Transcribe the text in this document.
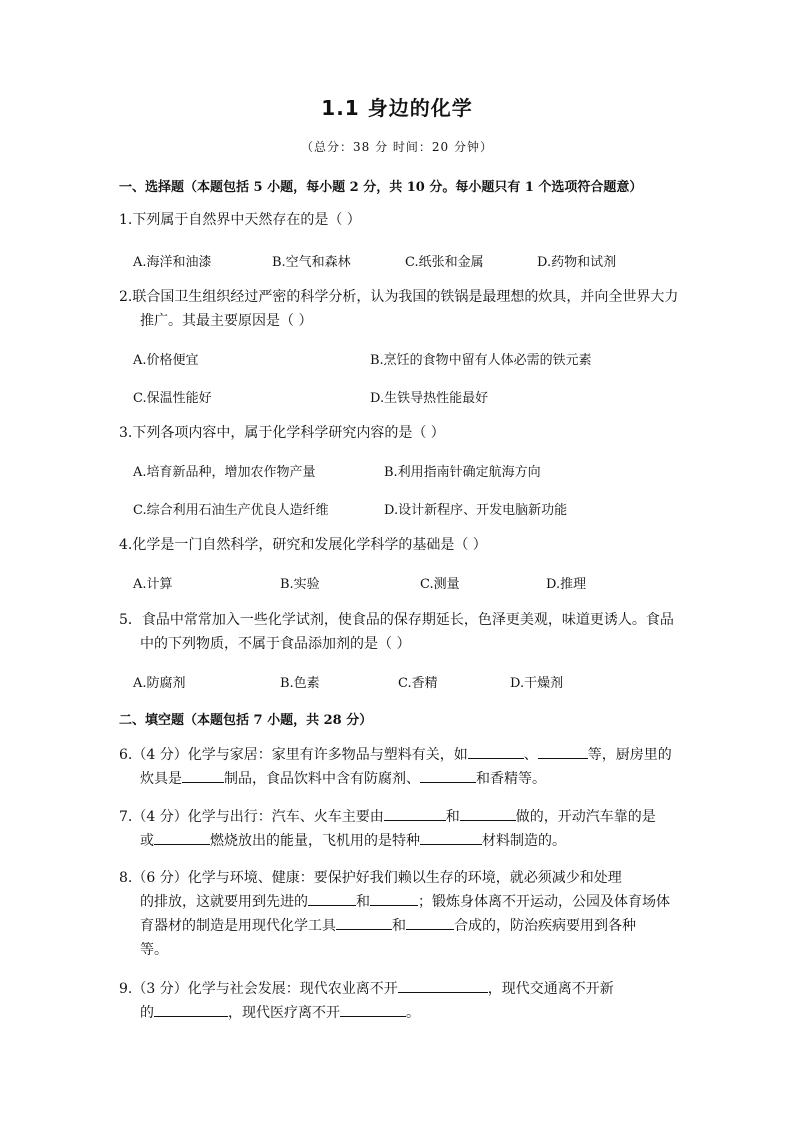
1.1 身边的化学
（总分：38 分 时间：20 分钟）
一、选择题（本题包括 5 小题，每小题 2 分，共 10 分。每小题只有 1 个选项符合题意）
1.下列属于自然界中天然存在的是（ ）
A.海洋和油漆	B.空气和森林	C.纸张和金属	D.药物和试剂
2.联合国卫生组织经过严密的科学分析，认为我国的铁锅是最理想的炊具，并向全世界大力
推广。其最主要原因是（ ）
A.价格便宜	B.烹饪的食物中留有人体必需的铁元素
C.保温性能好	D.生铁导热性能最好
3.下列各项内容中，属于化学科学研究内容的是（ ）
A.培育新品种，增加农作物产量	B.利用指南针确定航海方向
C.综合利用石油生产优良人造纤维	D.设计新程序、开发电脑新功能
4.化学是一门自然科学，研究和发展化学科学的基础是（ ）
A.计算	B.实验	C.测量	D.推理
5．食品中常常加入一些化学试剂，使食品的保存期延长，色泽更美观，味道更诱人。食品
中的下列物质，不属于食品添加剂的是（ ）
A.防腐剂	B.色素	C.香精	D.干燥剂
二、填空题（本题包括 7 小题，共 28 分）
6.（4 分）化学与家居：家里有许多物品与塑料有关，如	、	等，厨房里的
炊具是	制品，食品饮料中含有防腐剂、	和香精等。
7.（4 分）化学与出行：汽车、火车主要由	和	做的，开动汽车靠的是
或	燃烧放出的能量，飞机用的是特种	材料制造的。
8.（6 分）化学与环境、健康：要保护好我们赖以生存的环境，就必须减少和处理
的排放，这就要用到先进的	和	；锻炼身体离不开运动，公园及体育场体
育器材的制造是用现代化学工具	和	合成的，防治疾病要用到各种
等。
9.（3 分）化学与社会发展：现代农业离不开	，现代交通离不开新
的	，现代医疗离不开	。
